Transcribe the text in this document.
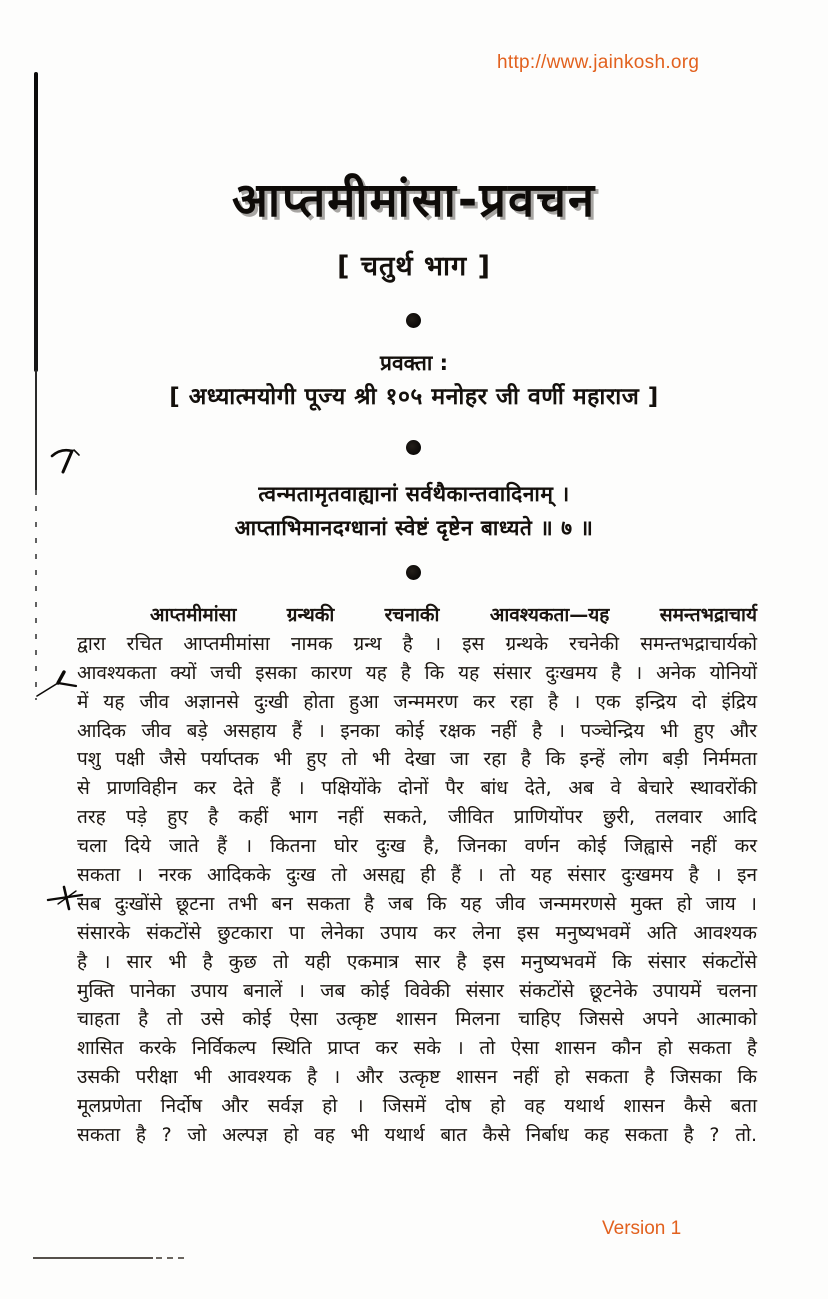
http://www.jainkosh.org
आप्तमीमांसा-प्रवचन
[ चतुर्थ भाग ]
प्रवक्ता :
[ अध्यात्मयोगी पूज्य श्री १०५ मनोहर जी वर्णी महाराज ]
त्वन्मतामृतवाह्यानां सर्वथैकान्तवादिनाम् ।
आप्ताभिमानदग्धानां स्वेष्टं दृष्टेन बाध्यते ॥ ७ ॥
आप्तमीमांसा ग्रन्थकी रचनाकी आवश्यकता—यह समन्तभद्राचार्य
द्वारा रचित आप्तमीमांसा नामक ग्रन्थ है । इस ग्रन्थके रचनेकी समन्तभद्राचार्यको
आवश्यकता क्यों जची इसका कारण यह है कि यह संसार दुःखमय है । अनेक योनियों
में यह जीव अज्ञानसे दुःखी होता हुआ जन्ममरण कर रहा है । एक इन्द्रिय दो इंद्रिय
आदिक जीव बड़े असहाय हैं । इनका कोई रक्षक नहीं है । पञ्चेन्द्रिय भी हुए और
पशु पक्षी जैसे पर्याप्तक भी हुए तो भी देखा जा रहा है कि इन्हें लोग बड़ी निर्ममता
से प्राणविहीन कर देते हैं । पक्षियोंके दोनों पैर बांध देते, अब वे बेचारे स्थावरोंकी
तरह पड़े हुए है कहीं भाग नहीं सकते, जीवित प्राणियोंपर छुरी, तलवार आदि
चला दिये जाते हैं । कितना घोर दुःख है, जिनका वर्णन कोई जिह्वासे नहीं कर
सकता । नरक आदिकके दुःख तो असह्य ही हैं । तो यह संसार दुःखमय है । इन
सब दुःखोंसे छूटना तभी बन सकता है जब कि यह जीव जन्ममरणसे मुक्त हो जाय ।
संसारके संकटोंसे छुटकारा पा लेनेका उपाय कर लेना इस मनुष्यभवमें अति आवश्यक
है । सार भी है कुछ तो यही एकमात्र सार है इस मनुष्यभवमें कि संसार संकटोंसे
मुक्ति पानेका उपाय बनालें । जब कोई विवेकी संसार संकटोंसे छूटनेके उपायमें चलना
चाहता है तो उसे कोई ऐसा उत्कृष्ट शासन मिलना चाहिए जिससे अपने आत्माको
शासित करके निर्विकल्प स्थिति प्राप्त कर सके । तो ऐसा शासन कौन हो सकता है
उसकी परीक्षा भी आवश्यक है । और उत्कृष्ट शासन नहीं हो सकता है जिसका कि
मूलप्रणेता निर्दोष और सर्वज्ञ हो । जिसमें दोष हो वह यथार्थ शासन कैसे बता
सकता है ? जो अल्पज्ञ हो वह भी यथार्थ बात कैसे निर्बाध कह सकता है ? तो.
Version 1
